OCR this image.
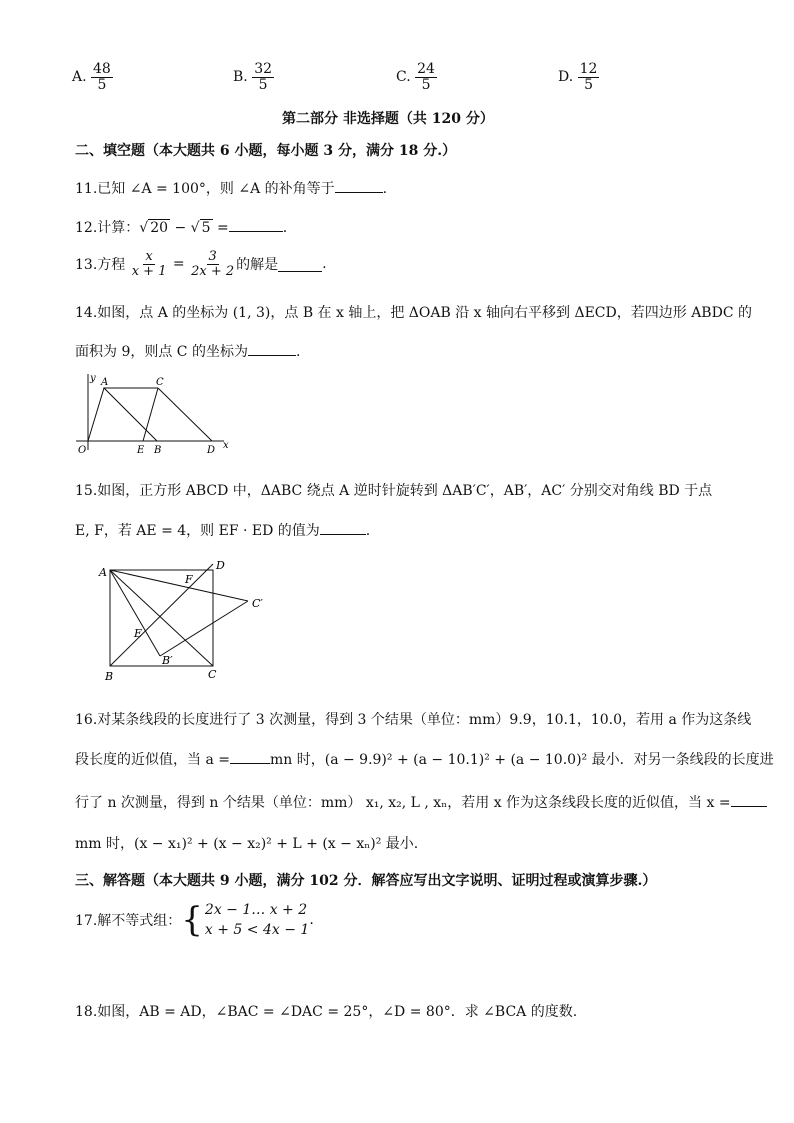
A. $\frac{48}{5}$	B. $\frac{32}{5}$	C. $\frac{24}{5}$	D. $\frac{12}{5}$
第二部分 非选择题（共 120 分）
二、填空题（本大题共 6 小题，每小题 3 分，满分 18 分.）
11.已知 ∠A = 100°，则 ∠A 的补角等于	.
12.计算：√ 20 − √ 5 =	.
13.方程 $\frac{x}{x + 1} = \frac{3}{2x + 2}$ 的解是	.
14.如图，点 A 的坐标为 (1, 3)，点 B 在 x 轴上，把 ΔOAB 沿 x 轴向右平移到 ΔECD，若四边形 ABDC 的
面积为 9，则点 C 的坐标为	.
y A	C
O	E B	D x
15.如图，正方形 ABCD 中，ΔABC 绕点 A 逆时针旋转到 ΔAB′C′，AB′，AC′ 分别交对角线 BD 于点
E, F，若 AE = 4，则 EF · ED 的值为	.
A
D
F
C′
E
B′
B	C
16.对某条线段的长度进行了 3 次测量，得到 3 个结果（单位：mm）9.9，10.1，10.0，若用 a 作为这条线
段长度的近似值，当 a =	mn 时，(a − 9.9)² + (a − 10.1)² + (a − 10.0)² 最小．对另一条线段的长度进
行了 n 次测量，得到 n 个结果（单位：mm） x₁, x₂, L , xₙ，若用 x 作为这条线段长度的近似值，当 x =
mm 时，(x − x₁)² + (x − x₂)² + L + (x − xₙ)² 最小.
三、解答题（本大题共 9 小题，满分 102 分．解答应写出文字说明、证明过程或演算步骤.）
17.解不等式组：{ 2x − 1… x + 2
x + 5 < 4x − 1
.
18.如图，AB = AD，∠BAC = ∠DAC = 25°，∠D = 80°．求 ∠BCA 的度数.
